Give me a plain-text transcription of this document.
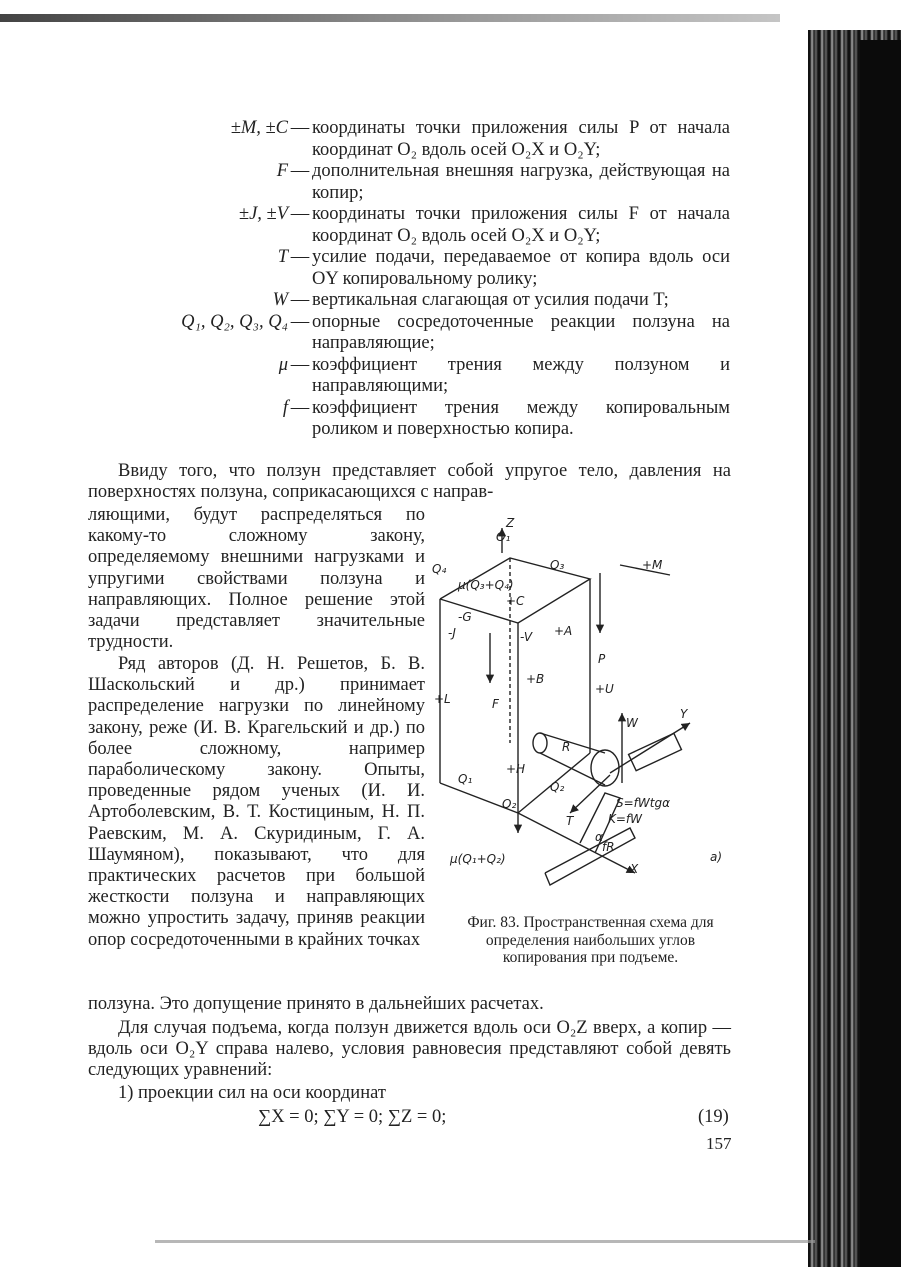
±M, ±C — координаты точки приложения силы P от начала координат O₂ вдоль осей O₂X и O₂Y;
F — дополнительная внешняя нагрузка, действующая на копир;
±J, ±V — координаты точки приложения силы F от начала координат O₂ вдоль осей O₂X и O₂Y;
T — усилие подачи, передаваемое от копира вдоль оси OY копировальному ролику;
W — вертикальная слагающая от усилия подачи T;
Q₁, Q₂, Q₃, Q₄ — опорные сосредоточенные реакции ползуна на направляющие;
μ — коэффициент трения между ползуном и направляющими;
f — коэффициент трения между копировальным роликом и поверхностью копира.
Ввиду того, что ползун представляет собой упругое тело, давления на поверхностях ползуна, соприкасающихся с направ-
ляющими, будут распределяться по какому-то сложному закону, определяемому внешними нагрузками и упругими свойствами ползуна и направляющих. Полное решение этой задачи представляет значительные трудности.
Ряд авторов (Д. Н. Решетов, Б. В. Шаскольский и др.) принимает распределение нагрузки по линейному закону, реже (И. В. Крагельский и др.) по более сложному, например параболическому закону. Опыты, проведенные рядом ученых (И. И. Артоболевским, В. Т. Костициным, Н. П. Раевским, М. А. Скуридиным, Г. А. Шаумяном), показывают, что для практических расчетов при большой жесткости ползуна и направляющих можно упростить задачу, приняв реакции опор сосредоточенными в крайних точках
ползуна. Это допущение принято в дальнейших расчетах.
Для случая подъема, когда ползун движется вдоль оси O₂Z вверх, а копир — вдоль оси O₂Y справа налево, условия равновесия представляют собой девять следующих уравнений:
1) проекции сил на оси координат
∑X = 0; ∑Y = 0; ∑Z = 0;	(19)
157
O₁
Z
Q₄	Q₃	+M
μ(Q₃+Q₄)
+C
-G
-J	-V +A
P
+L
+B
+U
F
W
Y
R
+H
Q₁
Q₂
O₂	S=fWtgα
K=fW
T
α
fR
μ(Q₁+Q₂)
X
a)
Фиг. 83. Пространственная схема для определения наибольших углов копирования при подъеме.
